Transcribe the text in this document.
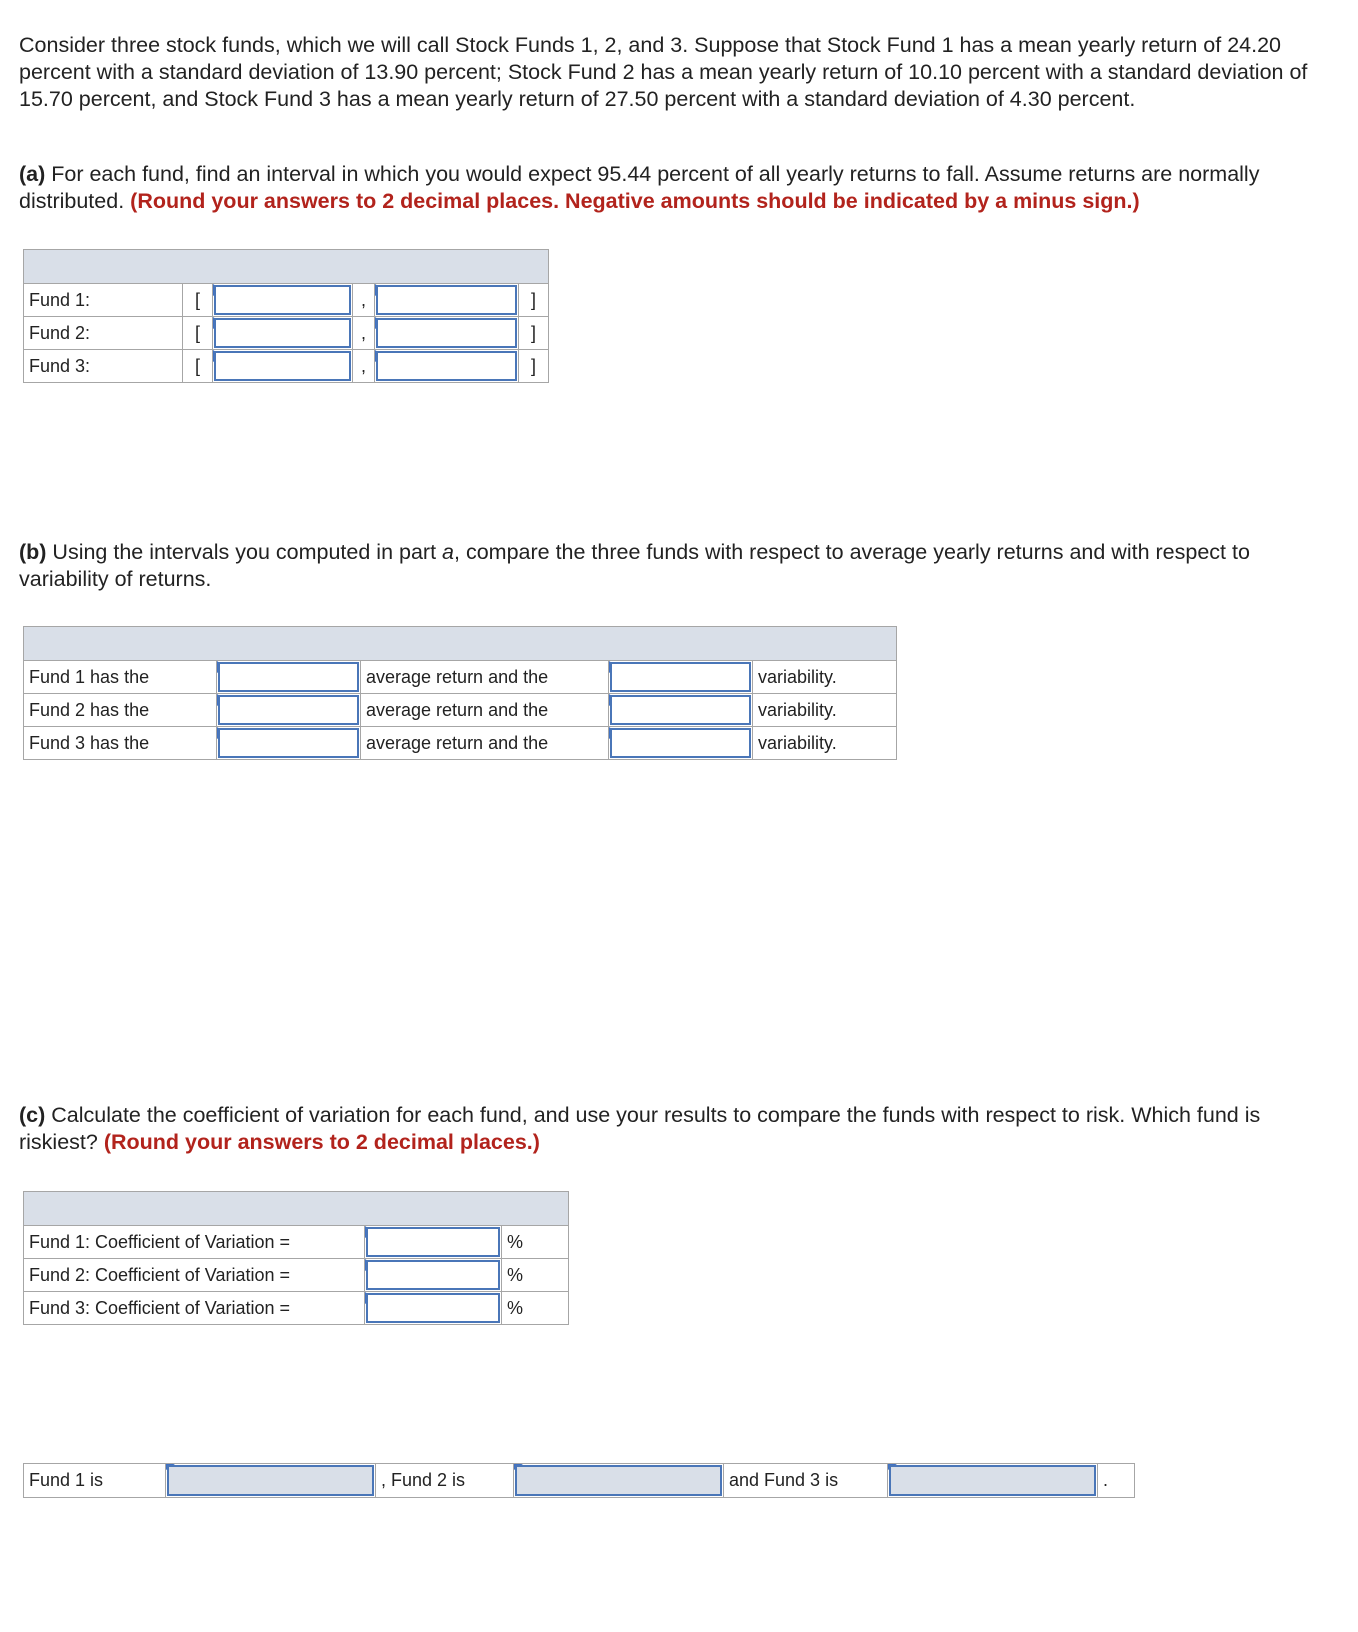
Consider three stock funds, which we will call Stock Funds 1, 2, and 3. Suppose that Stock Fund 1 has a mean yearly return of 24.20 percent with a standard deviation of 13.90 percent; Stock Fund 2 has a mean yearly return of 10.10 percent with a standard deviation of 15.70 percent, and Stock Fund 3 has a mean yearly return of 27.50 percent with a standard deviation of 4.30 percent.

(a) For each fund, find an interval in which you would expect 95.44 percent of all yearly returns to fall. Assume returns are normally distributed. (Round your answers to 2 decimal places. Negative amounts should be indicated by a minus sign.)

Fund 1:	[		,		]
Fund 2:	[		,		]
Fund 3:	[		,		]

(b) Using the intervals you computed in part a, compare the three funds with respect to average yearly returns and with respect to variability of returns.

Fund 1 has the		average return and the		variability.
Fund 2 has the		average return and the		variability.
Fund 3 has the		average return and the		variability.

(c) Calculate the coefficient of variation for each fund, and use your results to compare the funds with respect to risk. Which fund is riskiest? (Round your answers to 2 decimal places.)

Fund 1: Coefficient of Variation =		%
Fund 2: Coefficient of Variation =		%
Fund 3: Coefficient of Variation =		%
Fund 1 is		, Fund 2 is		and Fund 3 is		.
